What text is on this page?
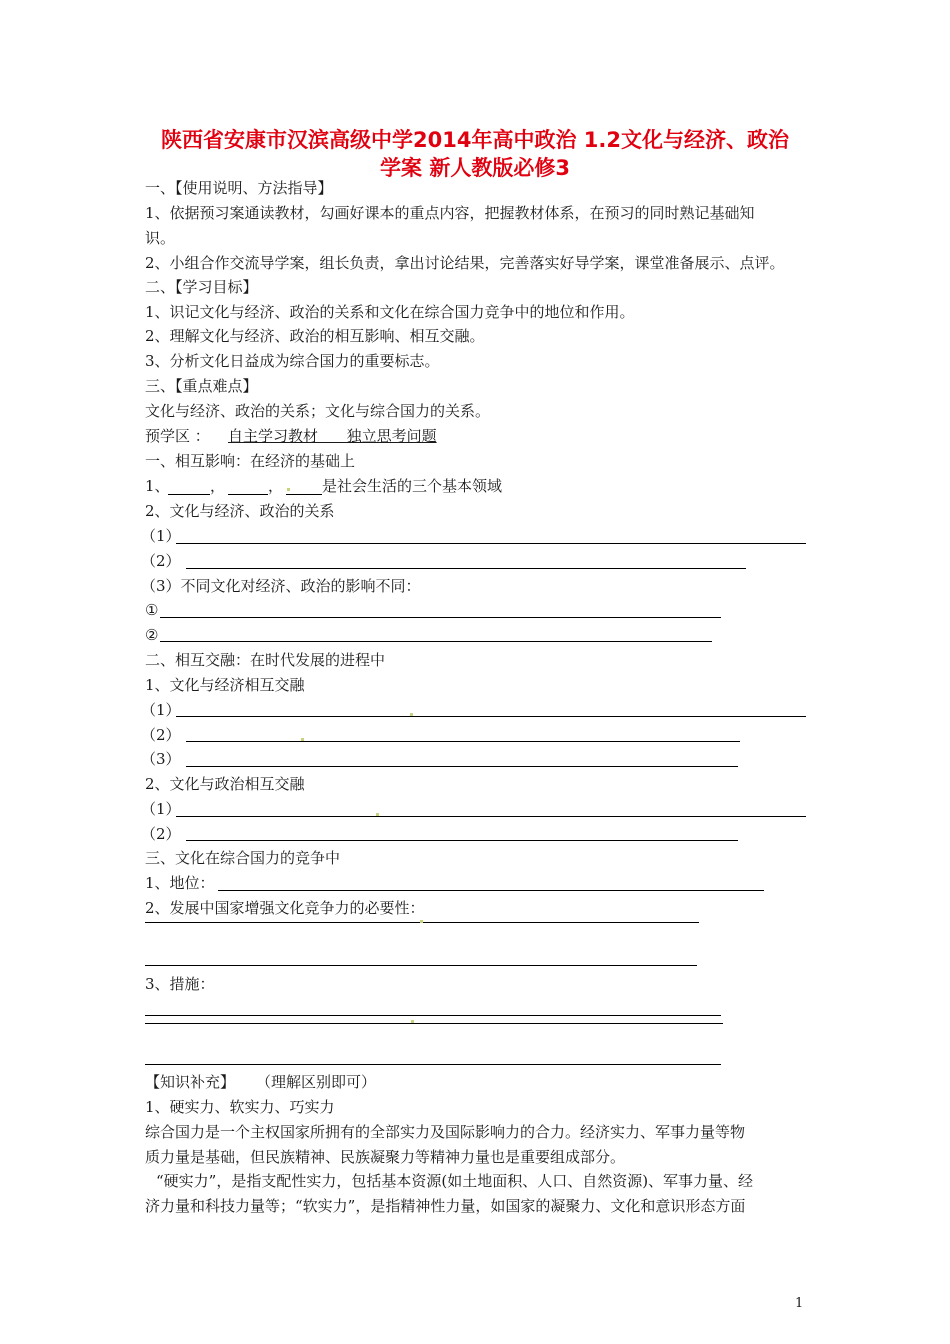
陕西省安康市汉滨高级中学2014年高中政治 1.2文化与经济、政治
学案 新人教版必修3
一、【使用说明、方法指导】
1、依据预习案通读教材，勾画好课本的重点内容，把握教材体系，在预习的同时熟记基础知
识。
2、小组合作交流导学案，组长负责，拿出讨论结果，完善落实好导学案，课堂准备展示、点评。
二、【学习目标】
1、识记文化与经济、政治的关系和文化在综合国力竞争中的地位和作用。
2、理解文化与经济、政治的相互影响、相互交融。
3、分析文化日益成为综合国力的重要标志。
三、【重点难点】
文化与经济、政治的关系；文化与综合国力的关系。
预学区 ： 自主学习教材      独立思考问题
一、相互影响：在经济的基础上
1、	，	，	是社会生活的三个基本领域
2、文化与经济、政治的关系
（1）
（2）
（3）不同文化对经济、政治的影响不同：
①
②
二、相互交融：在时代发展的进程中
1、文化与经济相互交融
（1）
（2）
（3）
2、文化与政治相互交融
（1）
（2）
三、文化在综合国力的竞争中
1、地位：
2、发展中国家增强文化竞争力的必要性：
3、措施：
【知识补充】 （理解区别即可）
1、硬实力、软实力、巧实力
综合国力是一个主权国家所拥有的全部实力及国际影响力的合力。经济实力、军事力量等物
质力量是基础，但民族精神、民族凝聚力等精神力量也是重要组成部分。
“硬实力”，是指支配性实力，包括基本资源(如土地面积、人口、自然资源)、军事力量、经
济力量和科技力量等；“软实力”，是指精神性力量，如国家的凝聚力、文化和意识形态方面
1
